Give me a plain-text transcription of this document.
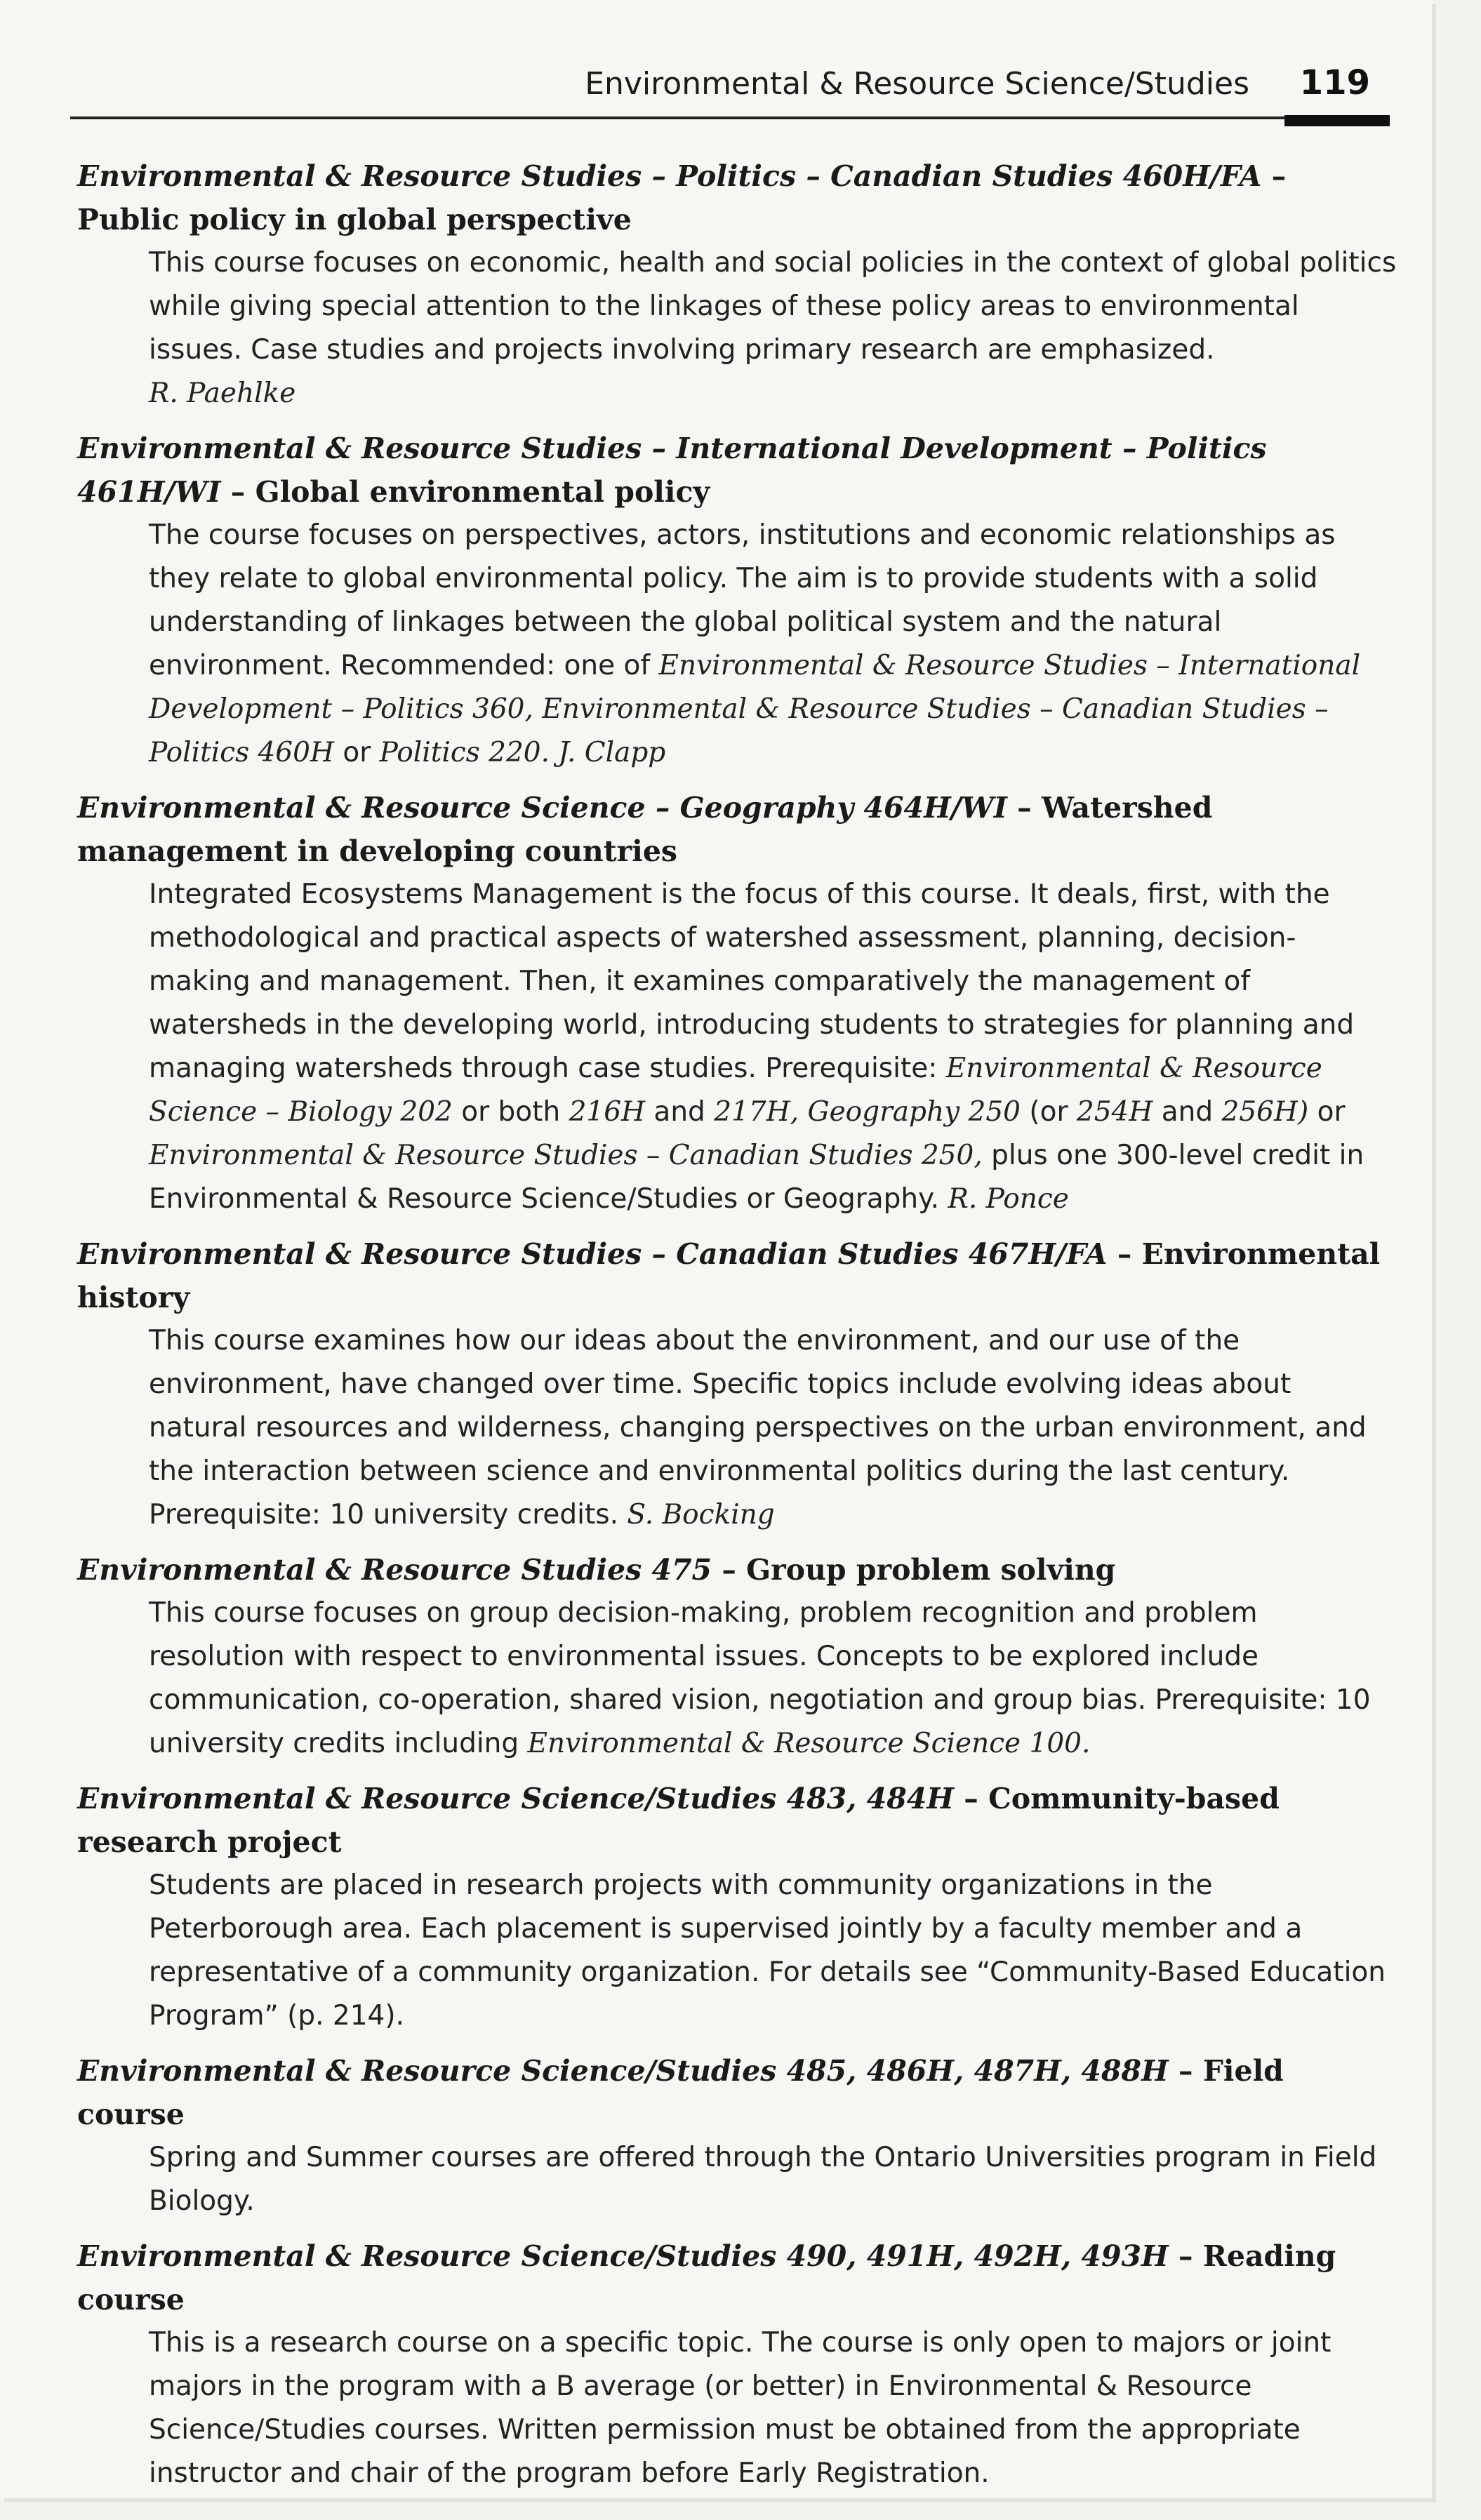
Environmental & Resource Science/Studies 119
Environmental & Resource Studies – Politics – Canadian Studies 460H/FA – Public policy in global perspective
This course focuses on economic, health and social policies in the context of global politics while giving special attention to the linkages of these policy areas to environmental issues. Case studies and projects involving primary research are emphasized.
R. Paehlke
Environmental & Resource Studies – International Development – Politics 461H/WI – Global environmental policy
The course focuses on perspectives, actors, institutions and economic relationships as they relate to global environmental policy. The aim is to provide students with a solid understanding of linkages between the global political system and the natural environment. Recommended: one of Environmental & Resource Studies – International Development – Politics 360, Environmental & Resource Studies – Canadian Studies – Politics 460H or Politics 220. J. Clapp
Environmental & Resource Science – Geography 464H/WI – Watershed management in developing countries
Integrated Ecosystems Management is the focus of this course. It deals, first, with the methodological and practical aspects of watershed assessment, planning, decision-making and management. Then, it examines comparatively the management of watersheds in the developing world, introducing students to strategies for planning and managing watersheds through case studies. Prerequisite: Environmental & Resource Science – Biology 202 or both 216H and 217H, Geography 250 (or 254H and 256H) or Environmental & Resource Studies – Canadian Studies 250, plus one 300-level credit in Environmental & Resource Science/Studies or Geography. R. Ponce
Environmental & Resource Studies – Canadian Studies 467H/FA – Environmental history
This course examines how our ideas about the environment, and our use of the environment, have changed over time. Specific topics include evolving ideas about natural resources and wilderness, changing perspectives on the urban environment, and the interaction between science and environmental politics during the last century. Prerequisite: 10 university credits. S. Bocking
Environmental & Resource Studies 475 – Group problem solving
This course focuses on group decision-making, problem recognition and problem resolution with respect to environmental issues. Concepts to be explored include communication, co-operation, shared vision, negotiation and group bias. Prerequisite: 10 university credits including Environmental & Resource Science 100.
Environmental & Resource Science/Studies 483, 484H – Community-based research project
Students are placed in research projects with community organizations in the Peterborough area. Each placement is supervised jointly by a faculty member and a representative of a community organization. For details see “Community-Based Education Program” (p. 214).
Environmental & Resource Science/Studies 485, 486H, 487H, 488H – Field course
Spring and Summer courses are offered through the Ontario Universities program in Field Biology.
Environmental & Resource Science/Studies 490, 491H, 492H, 493H – Reading course
This is a research course on a specific topic. The course is only open to majors or joint majors in the program with a B average (or better) in Environmental & Resource Science/Studies courses. Written permission must be obtained from the appropriate instructor and chair of the program before Early Registration.
